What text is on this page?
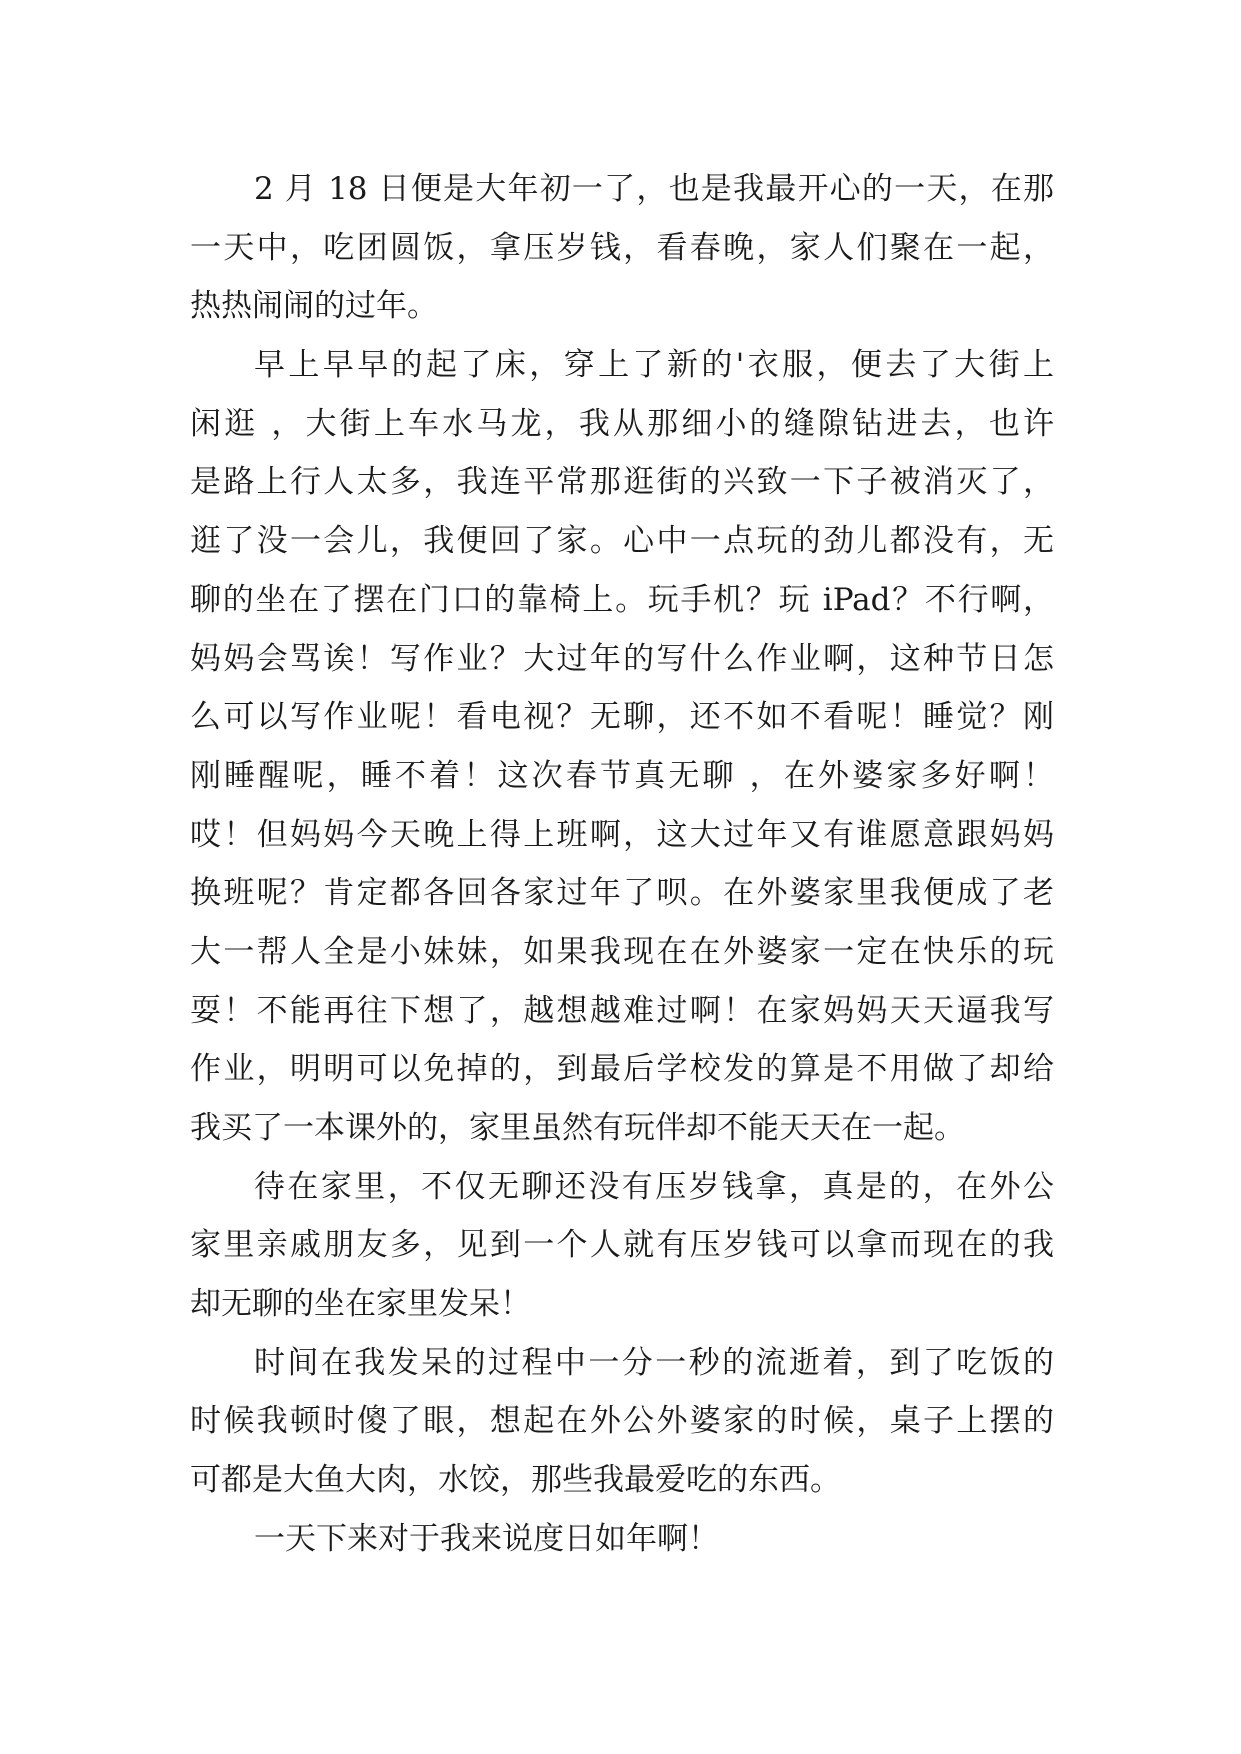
2 月 18 日便是大年初一了，也是我最开心的一天，在那
一天中，吃团圆饭，拿压岁钱，看春晚，家人们聚在一起，
热热闹闹的过年。
早上早早的起了床，穿上了新的'衣服，便去了大街上
闲逛 ，大街上车水马龙，我从那细小的缝隙钻进去，也许
是路上行人太多，我连平常那逛街的兴致一下子被消灭了，
逛了没一会儿，我便回了家。心中一点玩的劲儿都没有，无
聊的坐在了摆在门口的靠椅上。玩手机？玩 iPad？不行啊，
妈妈会骂诶！写作业？大过年的写什么作业啊，这种节日怎
么可以写作业呢！看电视？无聊，还不如不看呢！睡觉？刚
刚睡醒呢，睡不着！这次春节真无聊 ，在外婆家多好啊！
哎！但妈妈今天晚上得上班啊，这大过年又有谁愿意跟妈妈
换班呢？肯定都各回各家过年了呗。在外婆家里我便成了老
大一帮人全是小妹妹，如果我现在在外婆家一定在快乐的玩
耍！不能再往下想了，越想越难过啊！在家妈妈天天逼我写
作业，明明可以免掉的，到最后学校发的算是不用做了却给
我买了一本课外的，家里虽然有玩伴却不能天天在一起。
待在家里，不仅无聊还没有压岁钱拿，真是的，在外公
家里亲戚朋友多，见到一个人就有压岁钱可以拿而现在的我
却无聊的坐在家里发呆！
时间在我发呆的过程中一分一秒的流逝着，到了吃饭的
时候我顿时傻了眼，想起在外公外婆家的时候，桌子上摆的
可都是大鱼大肉，水饺，那些我最爱吃的东西。
一天下来对于我来说度日如年啊！
